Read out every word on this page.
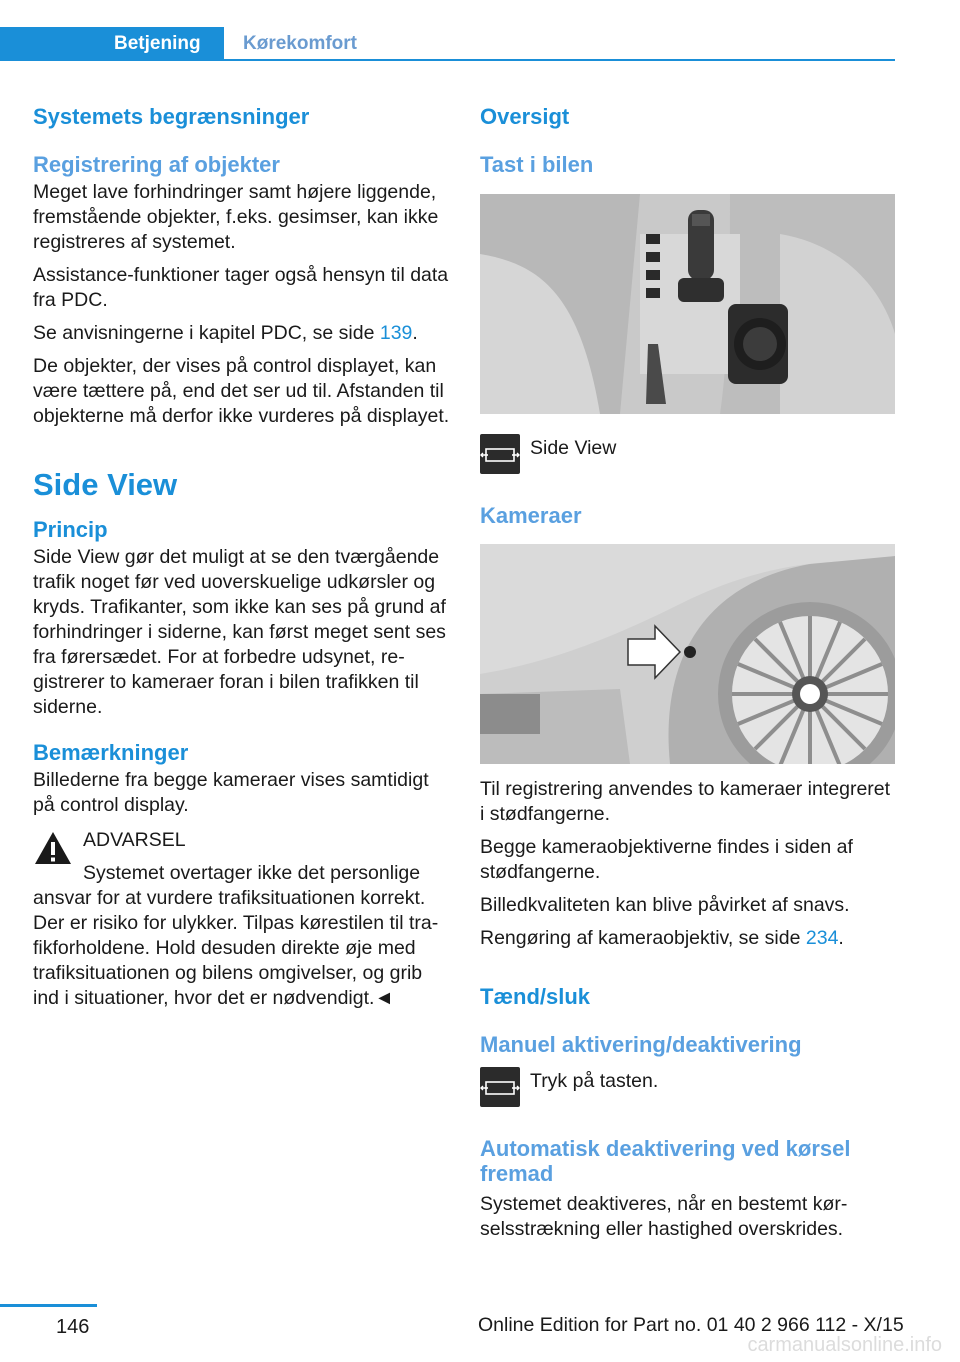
Betjening	Kørekomfort
Systemets begrænsninger
Registrering af objekter
Meget lave forhindringer samt højere liggende, fremstående objekter, f.eks. gesimser, kan ikke registreres af systemet.
Assistance-funktioner tager også hensyn til data fra PDC.
Se anvisningerne i kapitel PDC, se side 139.
De objekter, der vises på control displayet, kan være tættere på, end det ser ud til. Afstanden til objekterne må derfor ikke vurderes på displayet.
Side View
Princip
Side View gør det muligt at se den tværgående trafik noget før ved uoverskuelige udkørsler og kryds. Trafikanter, som ikke kan ses på grund af forhindringer i siderne, kan først meget sent ses fra førersædet. For at forbedre udsynet, registrerer to kameraer foran i bilen trafikken til siderne.
Bemærkninger
Billederne fra begge kameraer vises samtidigt på control display.
ADVARSEL
Systemet overtager ikke det personlige ansvar for at vurdere trafiksituationen korrekt. Der er risiko for ulykker. Tilpas kørestilen til trafikforholdene. Hold desuden direkte øje med trafiksituationen og bilens omgivelser, og grib ind i situationer, hvor det er nødvendigt.◄
Oversigt
Tast i bilen
Side View
Kameraer
Til registrering anvendes to kameraer integreret i stødfangerne.
Begge kameraobjektiverne findes i siden af stødfangerne.
Billedkvaliteten kan blive påvirket af snavs.
Rengøring af kameraobjektiv, se side 234.
Tænd/sluk
Manuel aktivering/deaktivering
Tryk på tasten.
Automatisk deaktivering ved kørsel fremad
Systemet deaktiveres, når en bestemt kørselsstrækning eller hastighed overskrides.
146	Online Edition for Part no. 01 40 2 966 112 - X/15
carmanualsonline.info
